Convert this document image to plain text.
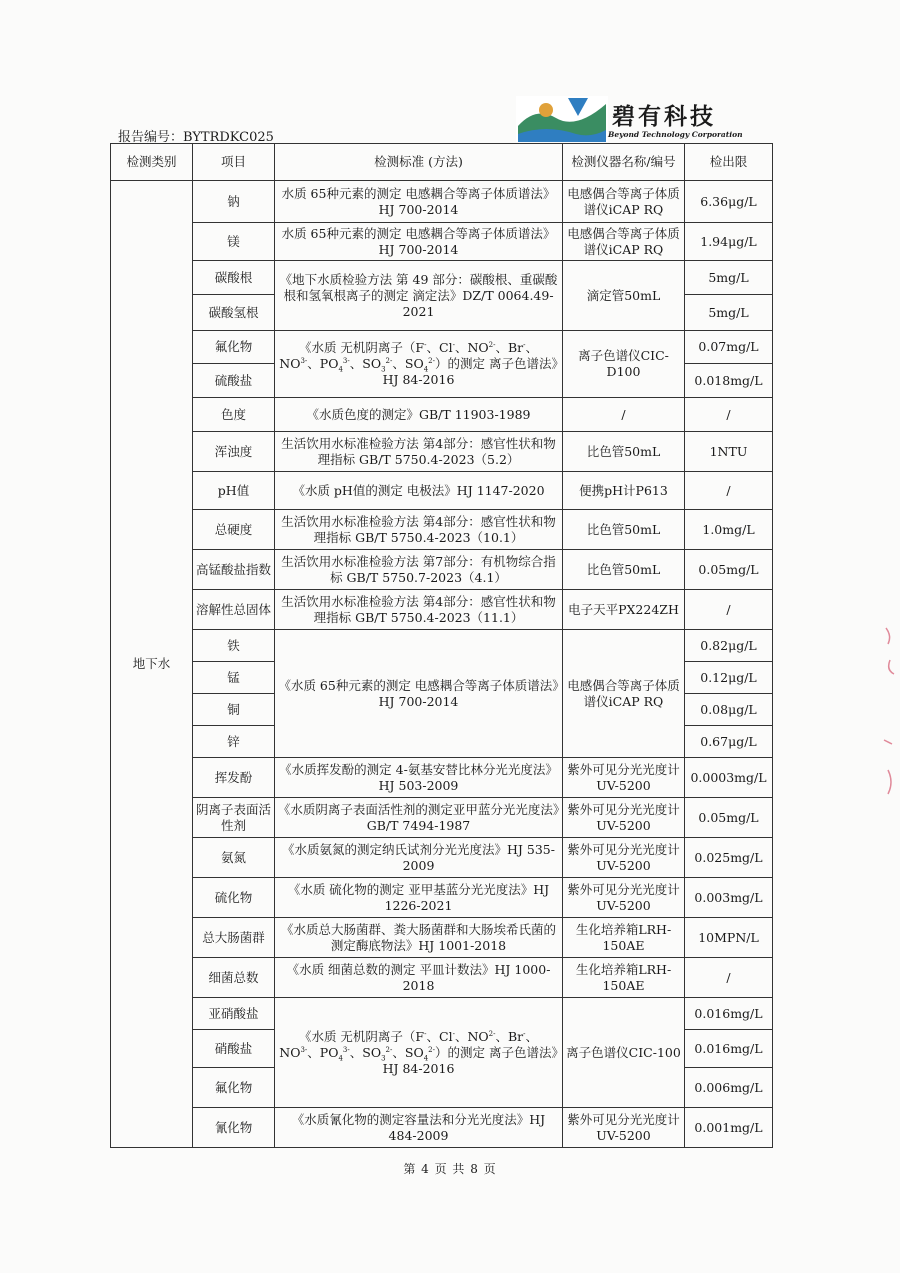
碧有科技
Beyond Technology Corporation
报告编号：BYTRDKC025
检测类别	项目	检测标准 (方法)	检测仪器名称/编号	检出限
地下水	钠	水质 65种元素的测定 电感耦合等离子体质谱法》HJ 700-2014	电感偶合等离子体质谱仪iCAP RQ	6.36μg/L
	镁	水质 65种元素的测定 电感耦合等离子体质谱法》HJ 700-2014	电感偶合等离子体质谱仪iCAP RQ	1.94μg/L
	碳酸根	《地下水质检验方法 第 49 部分：碳酸根、重碳酸根和氢氧根离子的测定 滴定法》DZ/T 0064.49-2021	滴定管50mL	5mg/L
	碳酸氢根			5mg/L
	氟化物	《水质 无机阴离子（F-、Cl-、$NO^{2-}$、Br-、
$NO^{3-}$、$PO_4^{3-}$、$SO_3^{2-}$、$SO_4^{2-}$）的测定 离子色谱法》HJ 84-2016	离子色谱仪CIC-D100	0.07mg/L
	硫酸盐			0.018mg/L
	色度	《水质色度的测定》GB/T 11903-1989	/	/
	浑浊度	生活饮用水标准检验方法 第4部分：感官性状和物理指标 GB/T 5750.4-2023（5.2）	比色管50mL	1NTU
	pH值	《水质 pH值的测定 电极法》HJ 1147-2020	便携pH计P613	/
	总硬度	生活饮用水标准检验方法 第4部分：感官性状和物理指标 GB/T 5750.4-2023（10.1）	比色管50mL	1.0mg/L
	高锰酸盐指数	生活饮用水标准检验方法 第7部分：有机物综合指标 GB/T 5750.7-2023（4.1）	比色管50mL	0.05mg/L
	溶解性总固体	生活饮用水标准检验方法 第4部分：感官性状和物理指标 GB/T 5750.4-2023（11.1）	电子天平PX224ZH	/
	铁	《水质 65种元素的测定 电感耦合等离子体质谱法》HJ 700-2014	电感偶合等离子体质谱仪iCAP RQ	0.82μg/L
	锰			0.12μg/L
	铜			0.08μg/L
	锌			0.67μg/L
	挥发酚	《水质挥发酚的测定 4-氨基安替比林分光光度法》HJ 503-2009	紫外可见分光光度计UV-5200	0.0003mg/L
	阴离子表面活性剂	《水质阴离子表面活性剂的测定亚甲蓝分光光度法》GB/T 7494-1987	紫外可见分光光度计UV-5200	0.05mg/L
	氨氮	《水质氨氮的测定纳氏试剂分光光度法》HJ 535-2009	紫外可见分光光度计UV-5200	0.025mg/L
	硫化物	《水质 硫化物的测定 亚甲基蓝分光光度法》HJ 1226-2021	紫外可见分光光度计UV-5200	0.003mg/L
	总大肠菌群	《水质总大肠菌群、粪大肠菌群和大肠埃希氏菌的测定酶底物法》HJ 1001-2018	生化培养箱LRH-150AE	10MPN/L
	细菌总数	《水质 细菌总数的测定 平皿计数法》HJ 1000-2018	生化培养箱LRH-150AE	/
	亚硝酸盐	《水质 无机阴离子（F-、Cl-、$NO^{2-}$、Br-、
$NO^{3-}$、$PO_4^{3-}$、$SO_3^{2-}$、$SO_4^{2-}$）的测定 离子色谱法》HJ 84-2016	离子色谱仪CIC-100	0.016mg/L
	硝酸盐			0.016mg/L
	氟化物			0.006mg/L
	氰化物	《水质氰化物的测定容量法和分光光度法》HJ 484-2009	紫外可见分光光度计UV-5200	0.001mg/L
第 4 页 共 8 页
